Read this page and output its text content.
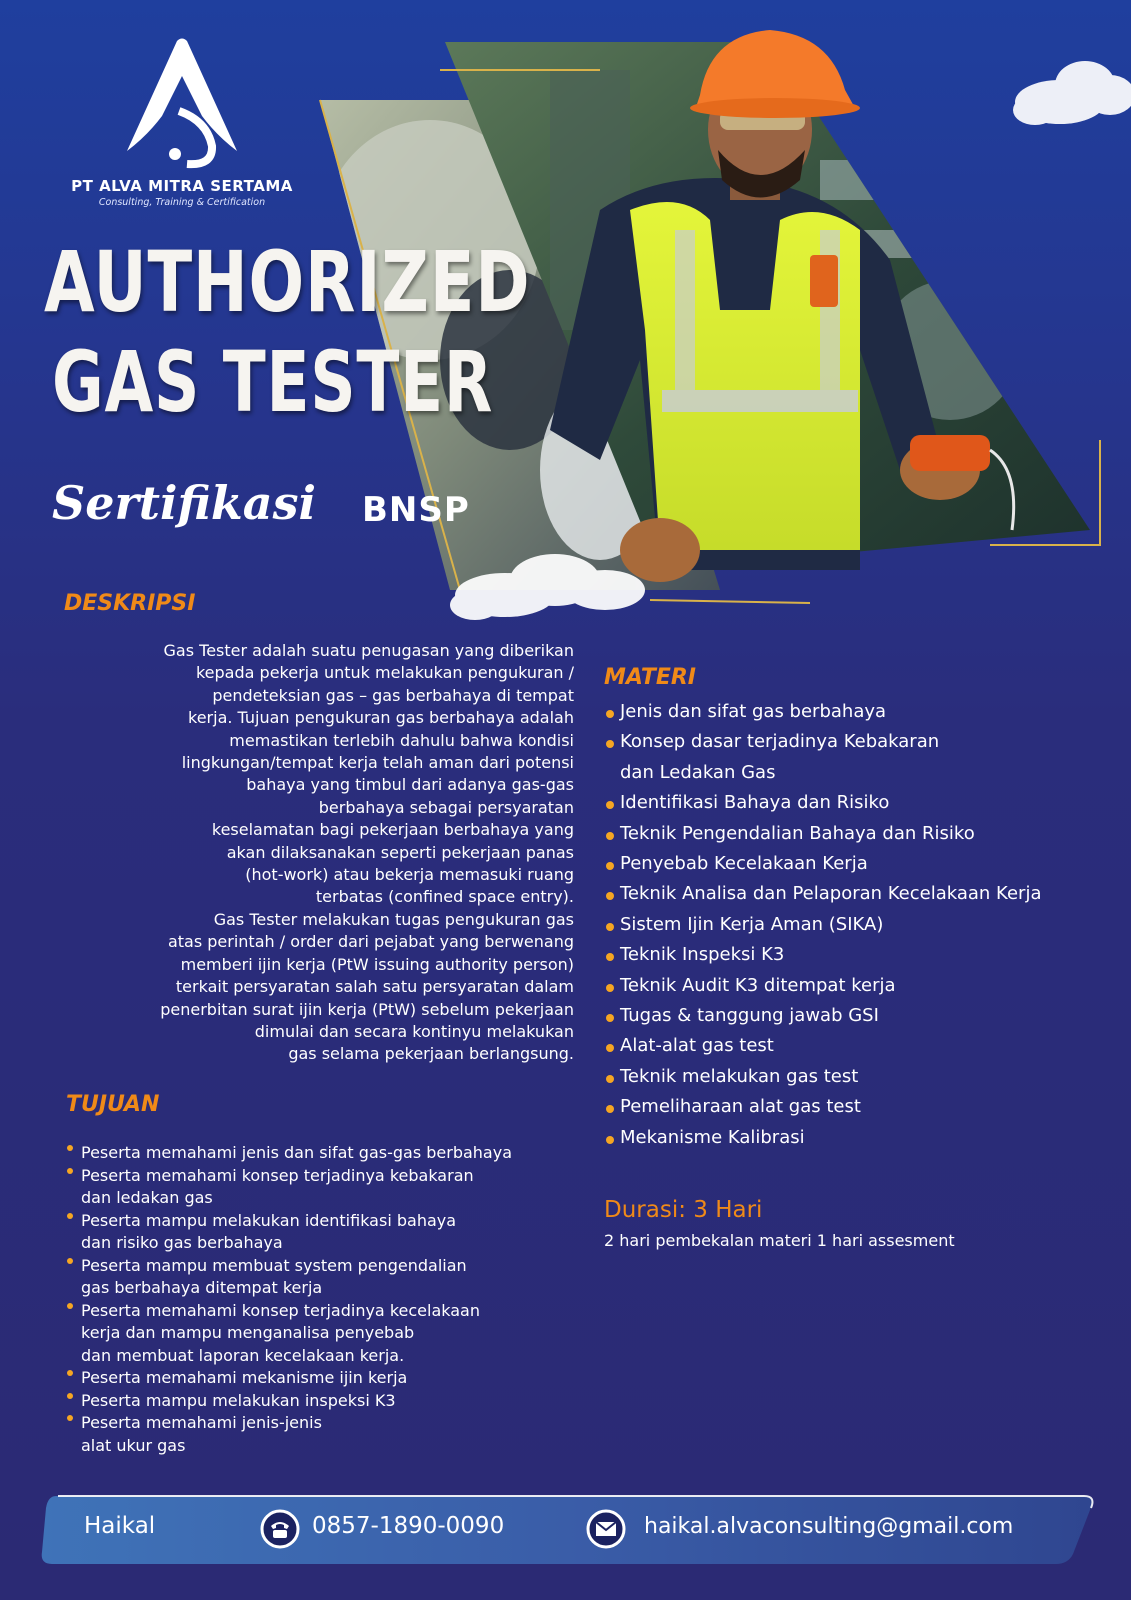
PT ALVA MITRA SERTAMA
Consulting, Training & Certification
AUTHORIZED
GAS TESTER
Sertifikasi BNSP
DESKRIPSI
Gas Tester adalah suatu penugasan yang diberikan
kepada pekerja untuk melakukan pengukuran /
pendeteksian gas – gas berbahaya di tempat
kerja. Tujuan pengukuran gas berbahaya adalah
memastikan terlebih dahulu bahwa kondisi
lingkungan/tempat kerja telah aman dari potensi
bahaya yang timbul dari adanya gas-gas
berbahaya sebagai persyaratan
keselamatan bagi pekerjaan berbahaya yang
akan dilaksanakan seperti pekerjaan panas
(hot-work) atau bekerja memasuki ruang
terbatas (confined space entry).
Gas Tester melakukan tugas pengukuran gas
atas perintah / order dari pejabat yang berwenang
memberi ijin kerja (PtW issuing authority person)
terkait persyaratan salah satu persyaratan dalam
penerbitan surat ijin kerja (PtW) sebelum pekerjaan
dimulai dan secara kontinyu melakukan
gas selama pekerjaan berlangsung.
MATERI
Jenis dan sifat gas berbahaya
Konsep dasar terjadinya Kebakaran
dan Ledakan Gas
Identifikasi Bahaya dan Risiko
Teknik Pengendalian Bahaya dan Risiko
Penyebab Kecelakaan Kerja
Teknik Analisa dan Pelaporan Kecelakaan Kerja
Sistem Ijin Kerja Aman (SIKA)
Teknik Inspeksi K3
Teknik Audit K3 ditempat kerja
Tugas & tanggung jawab GSI
Alat-alat gas test
Teknik melakukan gas test
Pemeliharaan alat gas test
Mekanisme Kalibrasi
TUJUAN
Peserta memahami jenis dan sifat gas-gas berbahaya
Peserta memahami konsep terjadinya kebakaran
dan ledakan gas
Peserta mampu melakukan identifikasi bahaya
dan risiko gas berbahaya
Peserta mampu membuat system pengendalian
gas berbahaya ditempat kerja
Peserta memahami konsep terjadinya kecelakaan
kerja dan mampu menganalisa penyebab
dan membuat laporan kecelakaan kerja.
Peserta memahami mekanisme ijin kerja
Peserta mampu melakukan inspeksi K3
Peserta memahami jenis-jenis
alat ukur gas
Durasi: 3 Hari
2 hari pembekalan materi 1 hari assesment
Haikal	0857-1890-0090	haikal.alvaconsulting@gmail.com
